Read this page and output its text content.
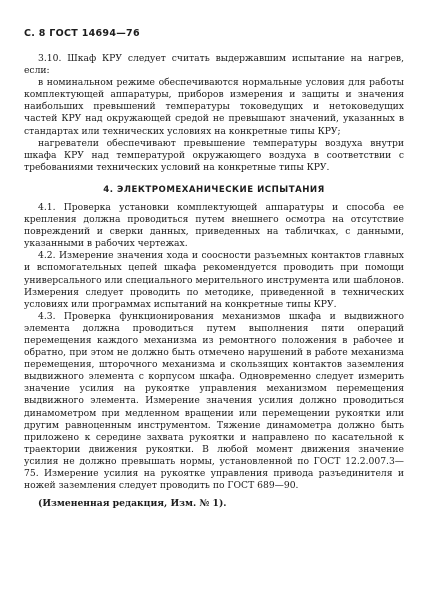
С. 8 ГОСТ 14694—76

3.10. Шкаф КРУ следует считать выдержавшим испытание на нагрев, если:

в номинальном режиме обеспечиваются нормальные условия для работы комплектующей аппаратуры, приборов измерения и защиты и значения наибольших превышений температуры токоведущих и нетоковедущих частей КРУ над окружающей средой не превышают значений, указанных в стандартах или технических условиях на конкретные типы КРУ;

нагреватели обеспечивают превышение температуры воздуха внутри шкафа КРУ над температурой окружающего воздуха в соответствии с требованиями технических условий на конкретные типы КРУ.

4. ЭЛЕКТРОМЕХАНИЧЕСКИЕ ИСПЫТАНИЯ

4.1. Проверка установки комплектующей аппаратуры и способа ее крепления должна проводиться путем внешнего осмотра на отсутствие повреждений и сверки данных, приведенных на табличках, с данными, указанными в рабочих чертежах.

4.2. Измерение значения хода и соосности разъемных контактов главных и вспомогательных цепей шкафа рекомендуется проводить при помощи универсального или специального мерительного инструмента или шаблонов. Измерения следует проводить по методике, приведенной в технических условиях или программах испытаний на конкретные типы КРУ.

4.3. Проверка функционирования механизмов шкафа и выдвижного элемента должна проводиться путем выполнения пяти операций перемещения каждого механизма из ремонтного положения в рабочее и обратно, при этом не должно быть отмечено нарушений в работе механизма перемещения, шторочного механизма и скользящих контактов заземления выдвижного элемента с корпусом шкафа. Одновременно следует измерить значение усилия на рукоятке управления механизмом перемещения выдвижного элемента. Измерение значения усилия должно проводиться динамометром при медленном вращении или перемещении рукоятки или другим равноценным инструментом. Тяжение динамометра должно быть приложено к середине захвата рукоятки и направлено по касательной к траектории движения рукоятки. В любой момент движения значение усилия не должно превышать нормы, установленной по ГОСТ 12.2.007.3—75. Измерение усилия на рукоятке управления привода разъединителя и ножей заземления следует проводить по ГОСТ 689—90.

(Измененная редакция, Изм. № 1).
